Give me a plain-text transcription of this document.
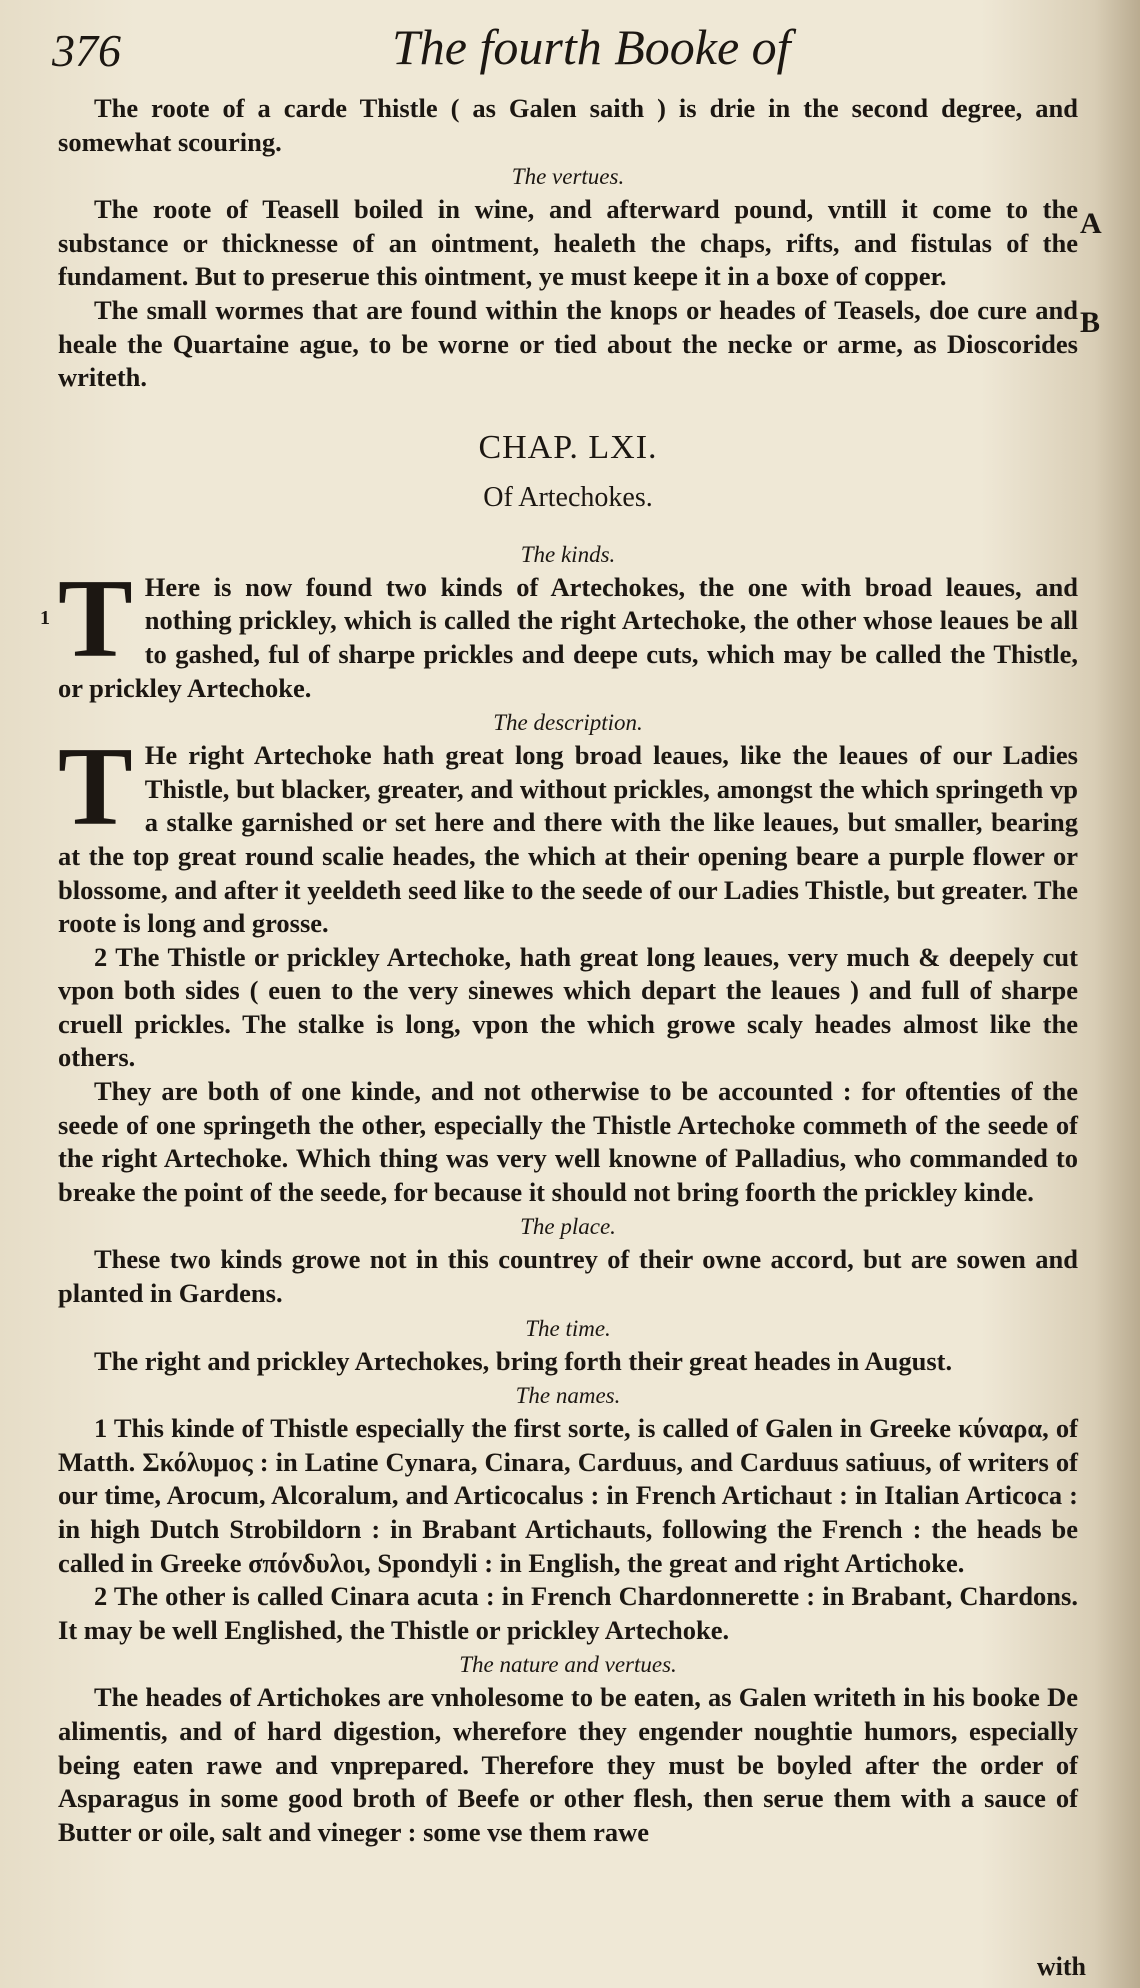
376	The fourth Booke of
A
B

The roote of a carde Thistle ( as Galen saith ) is drie in the second degree, and somewhat scouring.

The vertues.

The roote of Teasell boiled in wine, and afterward pound, vntill it come to the substance or thicknesse of an ointment, healeth the chaps, rifts, and fistulas of the fundament. But to preserue this ointment, ye must keepe it in a boxe of copper.

The small wormes that are found within the knops or heades of Teasels, doe cure and heale the Quartaine ague, to be worne or tied about the necke or arme, as Dioscorides writeth.

CHAP. LXI.
Of Artechokes.
The kinds.
T
1

Here is now found two kinds of Artechokes, the one with broad leaues, and nothing prickley, which is called the right Artechoke, the other whose leaues be all to gashed, ful of sharpe prickles and deepe cuts, which may be called the Thistle, or prickley Artechoke.

The description.
T He right Artechoke hath great long broad leaues, like the leaues of our Ladies Thistle, but blacker, greater, and without prickles, amongst the which springeth vp a stalke garnished or set here and there with the like leaues, but smaller, bearing at the top great round scalie heades, the which at their opening beare a purple flower or blossome, and after it yeeldeth seed like to the seede of our Ladies Thistle, but greater. The roote is long and grosse.

2 The Thistle or prickley Artechoke, hath great long leaues, very much & deepely cut vpon both sides ( euen to the very sinewes which depart the leaues ) and full of sharpe cruell prickles. The stalke is long, vpon the which growe scaly heades almost like the others.

They are both of one kinde, and not otherwise to be accounted : for oftenties of the seede of one springeth the other, especially the Thistle Artechoke commeth of the seede of the right Artechoke. Which thing was very well knowne of Palladius, who commanded to breake the point of the seede, for because it should not bring foorth the prickley kinde.

The place.

These two kinds growe not in this countrey of their owne accord, but are sowen and planted in Gardens.

The time.

The right and prickley Artechokes, bring forth their great heades in August.

The names.

1 This kinde of Thistle especially the first sorte, is called of Galen in Greeke κύναρα, of Matth. Σκόλυμος : in Latine Cynara, Cinara, Carduus, and Carduus satiuus, of writers of our time, Arocum, Alcoralum, and Articocalus : in French Artichaut : in Italian Articoca : in high Dutch Strobildorn : in Brabant Artichauts, following the French : the heads be called in Greeke σπόνδυλοι, Spondyli : in English, the great and right Artichoke.

2 The other is called Cinara acuta : in French Chardonnerette : in Brabant, Chardons. It may be well Englished, the Thistle or prickley Artechoke.

The nature and vertues.

The heades of Artichokes are vnholesome to be eaten, as Galen writeth in his booke De alimentis, and of hard digestion, wherefore they engender noughtie humors, especially being eaten rawe and vnprepared. Therefore they must be boyled after the order of Asparagus in some good broth of Beefe or other flesh, then serue them with a sauce of Butter or oile, salt and vineger : some vse them rawe

with
